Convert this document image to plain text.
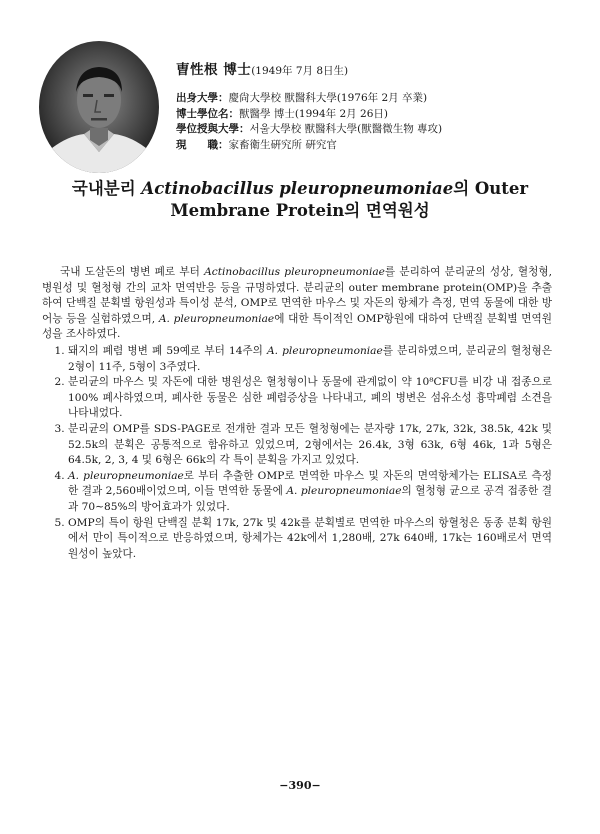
曺性根 博士(1949年 7月 8日生)
出身大學：慶尙大學校 獸醫科大學(1976年 2月 卒業)
博士學位名：獸醫學 博士(1994年 2月 26日)
學位授與大學：서울大學校 獸醫科大學(獸醫微生物 專攻)
現　　職：家畜衛生硏究所 硏究官
국내분리 Actinobacillus pleuropneumoniae의 Outer
Membrane Protein의 면역원성

국내 도살돈의 병변 폐로 부터 Actinobacillus pleuropneumoniae를 분리하여 분리균의 성상, 혈청형, 병원성 및 혈청형 간의 교차 면역반응 등을 규명하였다. 분리균의 outer membrane protein(OMP)을 추출하여 단백질 분획별 항원성과 특이성 분석, OMP로 면역한 마우스 및 자돈의 항체가 측정, 면역 동물에 대한 방어능 등을 실험하였으며, A. pleuropneumoniae에 대한 특이적인 OMP항원에 대하여 단백질 분획별 면역원성을 조사하였다.

1. 돼지의 폐렴 병변 폐 59예로 부터 14주의 A. pleuropneumoniae를 분리하였으며, 분리균의 혈청형은 2형이 11주, 5형이 3주였다.
2. 분리균의 마우스 및 자돈에 대한 병원성은 혈청형이나 동물에 관계없이 약 10⁸CFU를 비강 내 접종으로 100% 폐사하였으며, 폐사한 동물은 심한 폐렴증상을 나타내고, 폐의 병변은 섬유소성 흉막폐렴 소견을 나타내었다.
3. 분리균의 OMP를 SDS-PAGE로 전개한 결과 모든 혈청형에는 분자량 17k, 27k, 32k, 38.5k, 42k 및 52.5k의 분획은 공통적으로 함유하고 있었으며, 2형에서는 26.4k, 3형 63k, 6형 46k, 1과 5형은 64.5k, 2, 3, 4 및 6형은 66k의 각 특이 분획을 가지고 있었다.
4. A. pleuropneumoniae로 부터 추출한 OMP로 면역한 마우스 및 자돈의 면역항체가는 ELISA로 측정한 결과 2,560배이었으며, 이들 면역한 동물에 A. pleuropneumoniae의 혈청형 균으로 공격 접종한 결과 70∼85%의 방어효과가 있었다.
5. OMP의 특이 항원 단백질 분획 17k, 27k 및 42k를 분획별로 면역한 마우스의 항혈청은 동종 분획 항원에서 만이 특이적으로 반응하였으며, 항체가는 42k에서 1,280배, 27k 640배, 17k는 160배로서 면역원성이 높았다.
−390−
